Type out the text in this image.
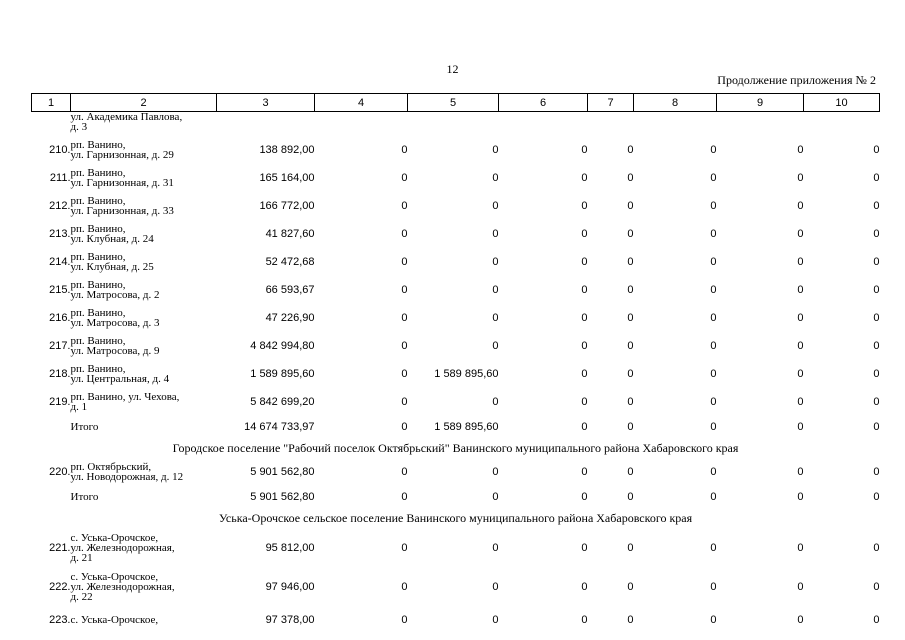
12
Продолжение приложения № 2
1	2	3	4	5	6	7	8	9	10
	ул. Академика Павлова,
д. 3								
210.	рп. Ванино,
ул. Гарнизонная, д. 29	138 892,00	0	0	0	0	0	0	0
211.	рп. Ванино,
ул. Гарнизонная, д. 31	165 164,00	0	0	0	0	0	0	0
212.	рп. Ванино,
ул. Гарнизонная, д. 33	166 772,00	0	0	0	0	0	0	0
213.	рп. Ванино,
ул. Клубная, д. 24	41 827,60	0	0	0	0	0	0	0
214.	рп. Ванино,
ул. Клубная, д. 25	52 472,68	0	0	0	0	0	0	0
215.	рп. Ванино,
ул. Матросова, д. 2	66 593,67	0	0	0	0	0	0	0
216.	рп. Ванино,
ул. Матросова, д. 3	47 226,90	0	0	0	0	0	0	0
217.	рп. Ванино,
ул. Матросова, д. 9	4 842 994,80	0	0	0	0	0	0	0
218.	рп. Ванино,
ул. Центральная, д. 4	1 589 895,60	0	1 589 895,60	0	0	0	0	0
219.	рп. Ванино, ул. Чехова,
д. 1	5 842 699,20	0	0	0	0	0	0	0
	Итого	14 674 733,97	0	1 589 895,60	0	0	0	0	0
Городское поселение "Рабочий поселок Октябрьский" Ванинского муниципального района Хабаровского края									
220.	рп. Октябрьский,
ул. Новодорожная, д. 12	5 901 562,80	0	0	0	0	0	0	0
	Итого	5 901 562,80	0	0	0	0	0	0	0
Уська-Орочское сельское поселение Ванинского муниципального района Хабаровского края									
221.	с. Уська-Орочское,
ул. Железнодорожная,
д. 21	95 812,00	0	0	0	0	0	0	0
222.	с. Уська-Орочское,
ул. Железнодорожная,
д. 22	97 946,00	0	0	0	0	0	0	0
223.	с. Уська-Орочское,	97 378,00	0	0	0	0	0	0	0
